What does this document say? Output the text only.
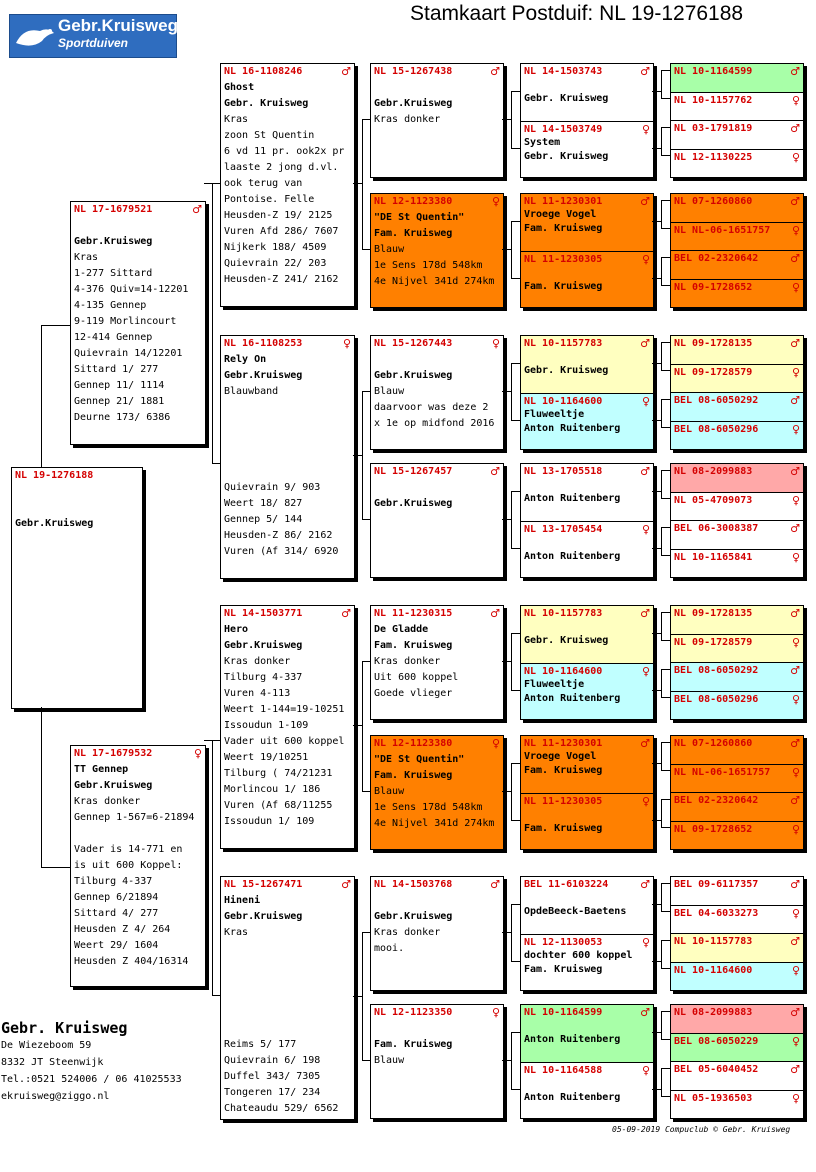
Gebr.Kruisweg
Sportduiven
Stamkaart Postduif: NL 19-1276188
NL 19-1276188

Gebr.Kruisweg
NL 17-1679521	♂

Gebr.Kruisweg
Kras
1-277 Sittard
4-376 Quiv=14-12201
4-135 Gennep
9-119 Morlincourt
12-414 Gennep
Quievrain 14/12201
Sittard 1/ 277
Gennep 11/ 1114
Gennep 21/ 1881
Deurne 173/ 6386
NL 17-1679532	♀
TT Gennep
Gebr.Kruisweg
Kras donker
Gennep 1-567=6-21894

Vader is 14-771 en
is uit 600 Koppel:
Tilburg 4-337
Gennep 6/21894
Sittard 4/ 277
Heusden Z 4/ 264
Weert 29/ 1604
Heusden Z 404/16314
NL 16-1108246	♂
Ghost
Gebr. Kruisweg
Kras
zoon St Quentin
6 vd 11 pr. ook2x pr
laaste 2 jong d.vl.
ook terug van
Pontoise. Felle
Heusden-Z 19/ 2125
Vuren Afd 286/ 7607
Nijkerk 188/ 4509
Quievrain 22/ 203
Heusden-Z 241/ 2162
NL 16-1108253	♀
Rely On
Gebr.Kruisweg
Blauwband

Quievrain 9/ 903
Weert 18/ 827
Gennep 5/ 144
Heusden-Z 86/ 2162
Vuren (Af 314/ 6920
NL 14-1503771	♂
Hero
Gebr.Kruisweg
Kras donker
Tilburg 4-337
Vuren 4-113
Weert 1-144=19-10251
Issoudun 1-109
Vader uit 600 koppel
Weert 19/10251
Tilburg ( 74/21231
Morlincou 1/ 186
Vuren (Af 68/11255
Issoudun 1/ 109
NL 15-1267471	♂
Hineni
Gebr.Kruisweg
Kras

Reims 5/ 177
Quievrain 6/ 198
Duffel 343/ 7305
Tongeren 17/ 234
Chateaudu 529/ 6562
NL 15-1267438	♂

Gebr.Kruisweg
Kras donker
NL 12-1123380	♀
"DE St Quentin"
Fam. Kruisweg
Blauw
1e Sens 178d 548km
4e Nijvel 341d 274km
NL 15-1267443	♀

Gebr.Kruisweg
Blauw
daarvoor was deze 2
x 1e op midfond 2016
NL 15-1267457	♂

Gebr.Kruisweg
NL 11-1230315	♂
De Gladde
Fam. Kruisweg
Kras donker
Uit 600 koppel
Goede vlieger
NL 12-1123380	♀
"DE St Quentin"
Fam. Kruisweg
Blauw
1e Sens 178d 548km
4e Nijvel 341d 274km
NL 14-1503768	♂

Gebr.Kruisweg
Kras donker
mooi.
NL 12-1123350	♀

Fam. Kruisweg
Blauw
NL 14-1503743	♂
Gebr. Kruisweg
NL 14-1503749	♀
System
Gebr. Kruisweg
NL 11-1230301	♂
Vroege Vogel
Fam. Kruisweg
NL 11-1230305	♀

Fam. Kruisweg
NL 10-1157783	♂

Gebr. Kruisweg
NL 10-1164600	♀
Fluweeltje
Anton Ruitenberg
NL 13-1705518	♂

Anton Ruitenberg
NL 13-1705454	♀

Anton Ruitenberg
NL 10-1157783	♂

Gebr. Kruisweg
NL 10-1164600	♀
Fluweeltje
Anton Ruitenberg
NL 11-1230301	♂
Vroege Vogel
Fam. Kruisweg
NL 11-1230305	♀

Fam. Kruisweg
BEL 11-6103224	♂

OpdeBeeck-Baetens
NL 12-1130053	♀
dochter 600 koppel
Fam. Kruisweg
NL 10-1164599	♂

Anton Ruitenberg
NL 10-1164588	♀

Anton Ruitenberg
NL 10-1164599	♂
NL 10-1157762	♀
NL 03-1791819	♂
NL 12-1130225	♀
NL 07-1260860	♂
NL NL-06-1651757 ♀
BEL 02-2320642	♂
NL 09-1728652	♀
NL 09-1728135	♂
NL 09-1728579	♀
BEL 08-6050292	♂
BEL 08-6050296	♀
NL 08-2099883	♂
NL 05-4709073	♀
BEL 06-3008387	♂
NL 10-1165841	♀
NL 09-1728135	♂
NL 09-1728579	♀
BEL 08-6050292	♂
BEL 08-6050296	♀
NL 07-1260860	♂
NL NL-06-1651757 ♀
BEL 02-2320642	♂
NL 09-1728652	♀
BEL 09-6117357	♂
BEL 04-6033273	♀
NL 10-1157783	♂
NL 10-1164600	♀
NL 08-2099883	♂
BEL 08-6050229	♀
BEL 05-6040452	♂
NL 05-1936503	♀
Gebr. Kruisweg
De Wiezeboom 59
8332 JT Steenwijk
Tel.:0521 524006 / 06 41025533
ekruisweg@ziggo.nl
05-09-2019 Compuclub © Gebr. Kruisweg
